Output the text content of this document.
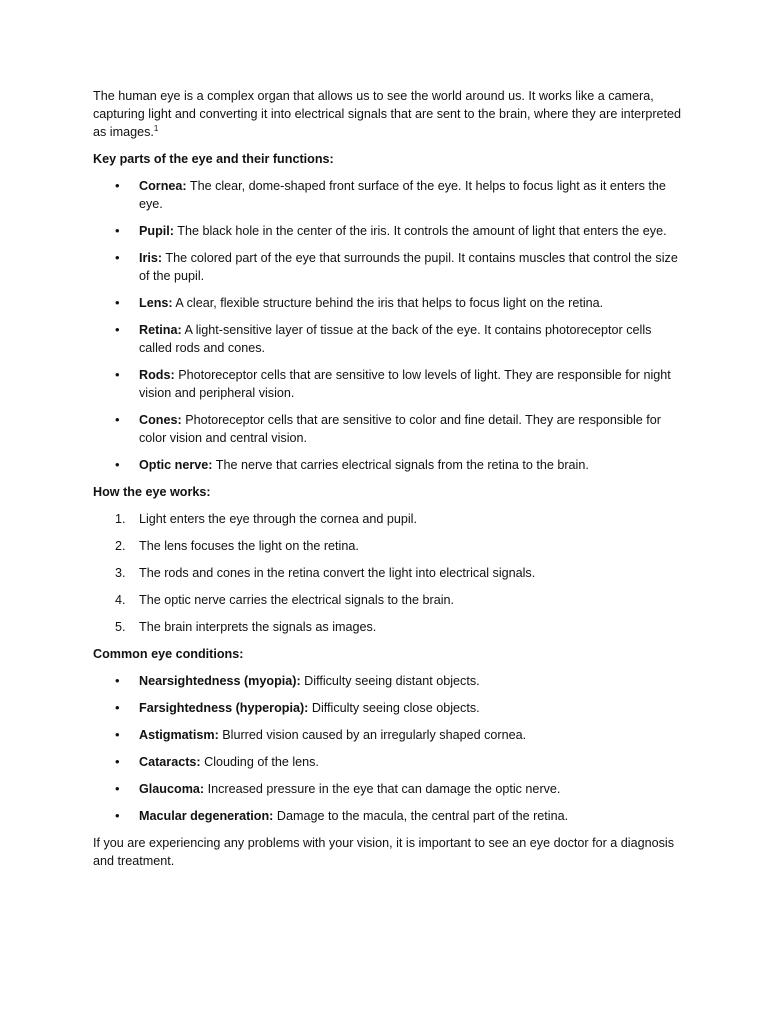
The human eye is a complex organ that allows us to see the world around us. It works like a camera, capturing light and converting it into electrical signals that are sent to the brain, where they are interpreted as images.$^1$

Key parts of the eye and their functions:

• Cornea: The clear, dome-shaped front surface of the eye. It helps to focus light as it enters the eye.
• Pupil: The black hole in the center of the iris. It controls the amount of light that enters the eye.
• Iris: The colored part of the eye that surrounds the pupil. It contains muscles that control the size of the pupil.
• Lens: A clear, flexible structure behind the iris that helps to focus light on the retina.
• Retina: A light-sensitive layer of tissue at the back of the eye. It contains photoreceptor cells called rods and cones.
• Rods: Photoreceptor cells that are sensitive to low levels of light. They are responsible for night vision and peripheral vision.
• Cones: Photoreceptor cells that are sensitive to color and fine detail. They are responsible for color vision and central vision.
• Optic nerve: The nerve that carries electrical signals from the retina to the brain.

How the eye works:

1. Light enters the eye through the cornea and pupil.
2. The lens focuses the light on the retina.
3. The rods and cones in the retina convert the light into electrical signals.
4. The optic nerve carries the electrical signals to the brain.
5. The brain interprets the signals as images.

Common eye conditions:

• Nearsightedness (myopia): Difficulty seeing distant objects.
• Farsightedness (hyperopia): Difficulty seeing close objects.
• Astigmatism: Blurred vision caused by an irregularly shaped cornea.
• Cataracts: Clouding of the lens.
• Glaucoma: Increased pressure in the eye that can damage the optic nerve.
• Macular degeneration: Damage to the macula, the central part of the retina.

If you are experiencing any problems with your vision, it is important to see an eye doctor for a diagnosis and treatment.
